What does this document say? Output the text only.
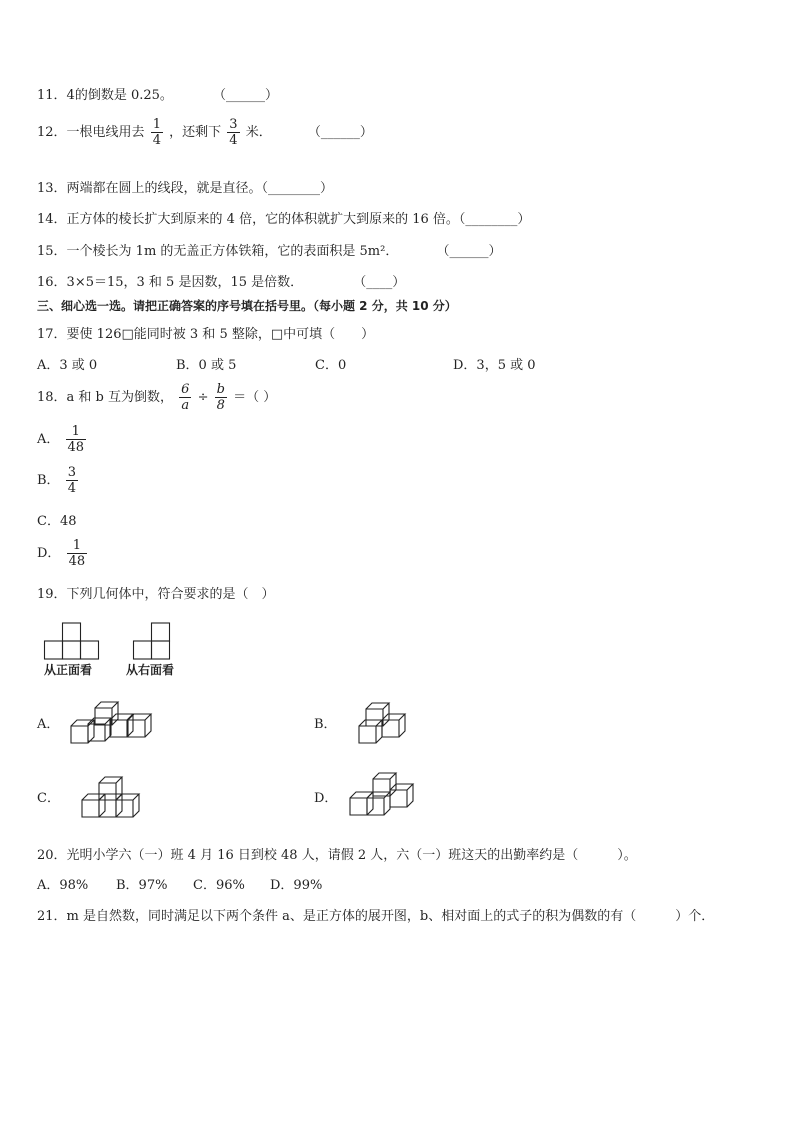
11．4的倒数是 0.25。	（______）
12．一根电线用去 $\frac{1}{4}$ ，还剩下 $\frac{3}{4}$ 米．	（______）
13．两端都在圆上的线段，就是直径。（________）
14．正方体的棱长扩大到原来的 4 倍，它的体积就扩大到原来的 16 倍。（________）
15．一个棱长为 1m 的无盖正方体铁箱，它的表面积是 5m²．	（______）
16．3×5＝15，3 和 5 是因数，15 是倍数．	（____）
三、细心选一选。请把正确答案的序号填在括号里。（每小题 2 分，共 10 分）
17．要使 126□能同时被 3 和 5 整除，□中可填（　　）
A．3 或 0	B．0 或 5	C．0	D．3，5 或 0
18．a 和 b 互为倒数， $\frac{6}{a} \div \frac{b}{8}$ ＝（ ）
A． $\frac{1}{48}$
B． $\frac{3}{4}$
C．48
D． $\frac{1}{48}$
19．下列几何体中，符合要求的是（　）
从正面看	从右面看
A．	B．
C．	D．
20．光明小学六（一）班 4 月 16 日到校 48 人，请假 2 人，六（一）班这天的出勤率约是（　　　）。
A．98% B．97% C．96% D．99%
21．m 是自然数，同时满足以下两个条件 a、是正方体的展开图，b、相对面上的式子的积为偶数的有（　　　）个．
